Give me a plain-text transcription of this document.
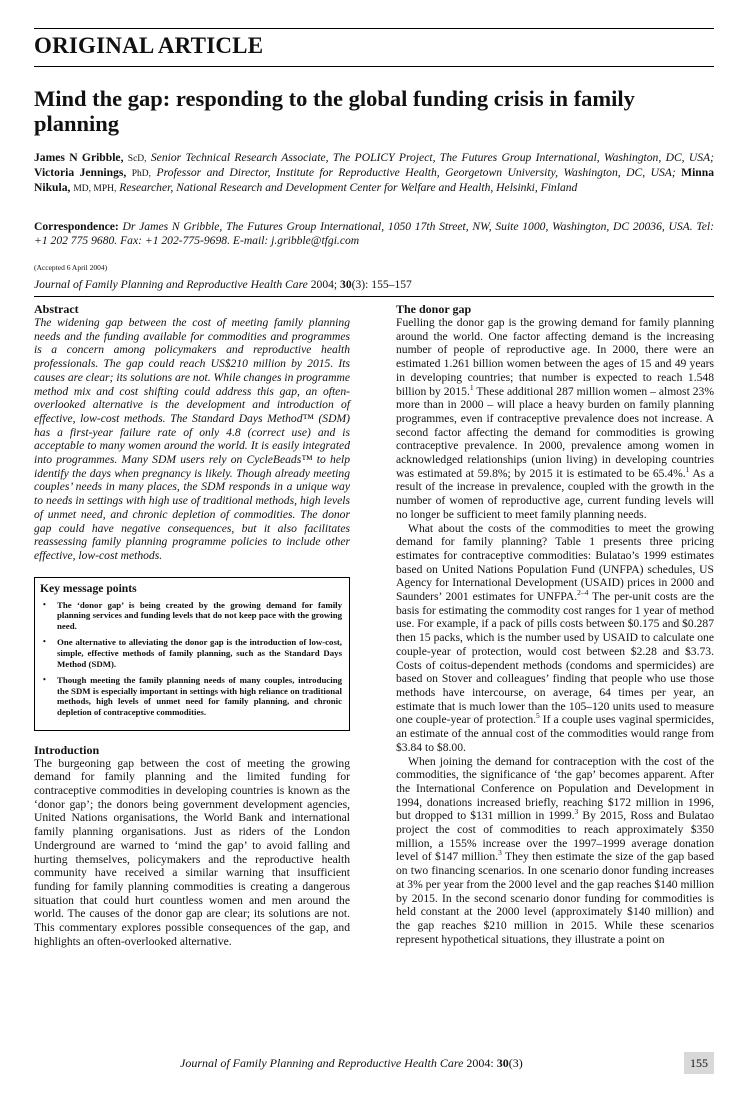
ORIGINAL ARTICLE
Mind the gap: responding to the global funding crisis in family planning

James N Gribble, ScD, Senior Technical Research Associate, The POLICY Project, The Futures Group International, Washington, DC, USA; Victoria Jennings, PhD, Professor and Director, Institute for Reproductive Health, Georgetown University, Washington, DC, USA; Minna Nikula, MD, MPH, Researcher, National Research and Development Center for Welfare and Health, Helsinki, Finland

Correspondence: Dr James N Gribble, The Futures Group International, 1050 17th Street, NW, Suite 1000, Washington, DC 20036, USA. Tel: +1 202 775 9680. Fax: +1 202-775-9698. E-mail: j.gribble@tfgi.com

(Accepted 6 April 2004)

Journal of Family Planning and Reproductive Health Care 2004; 30(3): 155–157

Abstract

The widening gap between the cost of meeting family planning needs and the funding available for commodities and programmes is a concern among policymakers and reproductive health professionals. The gap could reach US$210 million by 2015. Its causes are clear; its solutions are not. While changes in programme method mix and cost shifting could address this gap, an often-overlooked alternative is the development and introduction of effective, low-cost methods. The Standard Days Method™ (SDM) has a first-year failure rate of only 4.8 (correct use) and is acceptable to many women around the world. It is easily integrated into programmes. Many SDM users rely on CycleBeads™ to help identify the days when pregnancy is likely. Though already meeting couples’ needs in many places, the SDM responds in a unique way to needs in settings with high use of traditional methods, high levels of unmet need, and chronic depletion of commodities. The donor gap could have negative consequences, but it also facilitates reassessing family planning programme policies to include other effective, low-cost methods.

Key message points
• The ‘donor gap’ is being created by the growing demand for family planning services and funding levels that do not keep pace with the growing need.
• One alternative to alleviating the donor gap is the introduction of low-cost, simple, effective methods of family planning, such as the Standard Days Method (SDM).
• Though meeting the family planning needs of many couples, introducing the SDM is especially important in settings with high reliance on traditional methods, high levels of unmet need for family planning, and chronic depletion of contraceptive commodities.
Introduction

The burgeoning gap between the cost of meeting the growing demand for family planning and the limited funding for contraceptive commodities in developing countries is known as the ‘donor gap’; the donors being government development agencies, United Nations organisations, the World Bank and international family planning organisations. Just as riders of the London Underground are warned to ‘mind the gap’ to avoid falling and hurting themselves, policymakers and the reproductive health community have received a similar warning that insufficient funding for family planning commodities is creating a dangerous situation that could hurt countless women and men around the world. The causes of the donor gap are clear; its solutions are not. This commentary explores possible consequences of the gap, and highlights an often-overlooked alternative.

The donor gap

Fuelling the donor gap is the growing demand for family planning around the world. One factor affecting demand is the increasing number of people of reproductive age. In 2000, there were an estimated 1.261 billion women between the ages of 15 and 49 years in developing countries; that number is expected to reach 1.548 billion by 2015.$^1$ These additional 287 million women – almost 23% more than in 2000 – will place a heavy burden on family planning programmes, even if contraceptive prevalence does not increase. A second factor affecting the demand for commodities is growing contraceptive prevalence. In 2000, prevalence among women in acknowledged relationships (union living) in developing countries was estimated at 59.8%; by 2015 it is estimated to be 65.4%.$^1$ As a result of the increase in prevalence, coupled with the growth in the number of women of reproductive age, current funding levels will no longer be sufficient to meet family planning needs.

What about the costs of the commodities to meet the growing demand for family planning? Table 1 presents three pricing estimates for contraceptive commodities: Bulatao’s 1999 estimates based on United Nations Population Fund (UNFPA) schedules, US Agency for International Development (USAID) prices in 2000 and Saunders’ 2001 estimates for UNFPA.$^{2-4}$ The per-unit costs are the basis for estimating the commodity cost ranges for 1 year of method use. For example, if a pack of pills costs between $0.175 and $0.287 then 15 packs, which is the number used by USAID to calculate one couple-year of protection, would cost between $2.28 and $3.73. Costs of coitus-dependent methods (condoms and spermicides) are based on Stover and colleagues’ finding that people who use those methods have intercourse, on average, 64 times per year, an estimate that is much lower than the 105–120 units used to measure one couple-year of protection.$^5$ If a couple uses vaginal spermicides, an estimate of the annual cost of the commodities would range from $3.84 to $8.00.

When joining the demand for contraception with the cost of the commodities, the significance of ‘the gap’ becomes apparent. After the International Conference on Population and Development in 1994, donations increased briefly, reaching $172 million in 1996, but dropped to $131 million in 1999.$^3$ By 2015, Ross and Bulatao project the cost of commodities to reach approximately $350 million, a 155% increase over the 1997–1999 average donation level of $147 million.$^3$ They then estimate the size of the gap based on two financing scenarios. In one scenario donor funding increases at 3% per year from the 2000 level and the gap reaches $140 million by 2015. In the second scenario donor funding for commodities is held constant at the 2000 level (approximately $140 million) and the gap reaches $210 million in 2015. While these scenarios represent hypothetical situations, they illustrate a point on

Journal of Family Planning and Reproductive Health Care 2004: 30(3)	155
